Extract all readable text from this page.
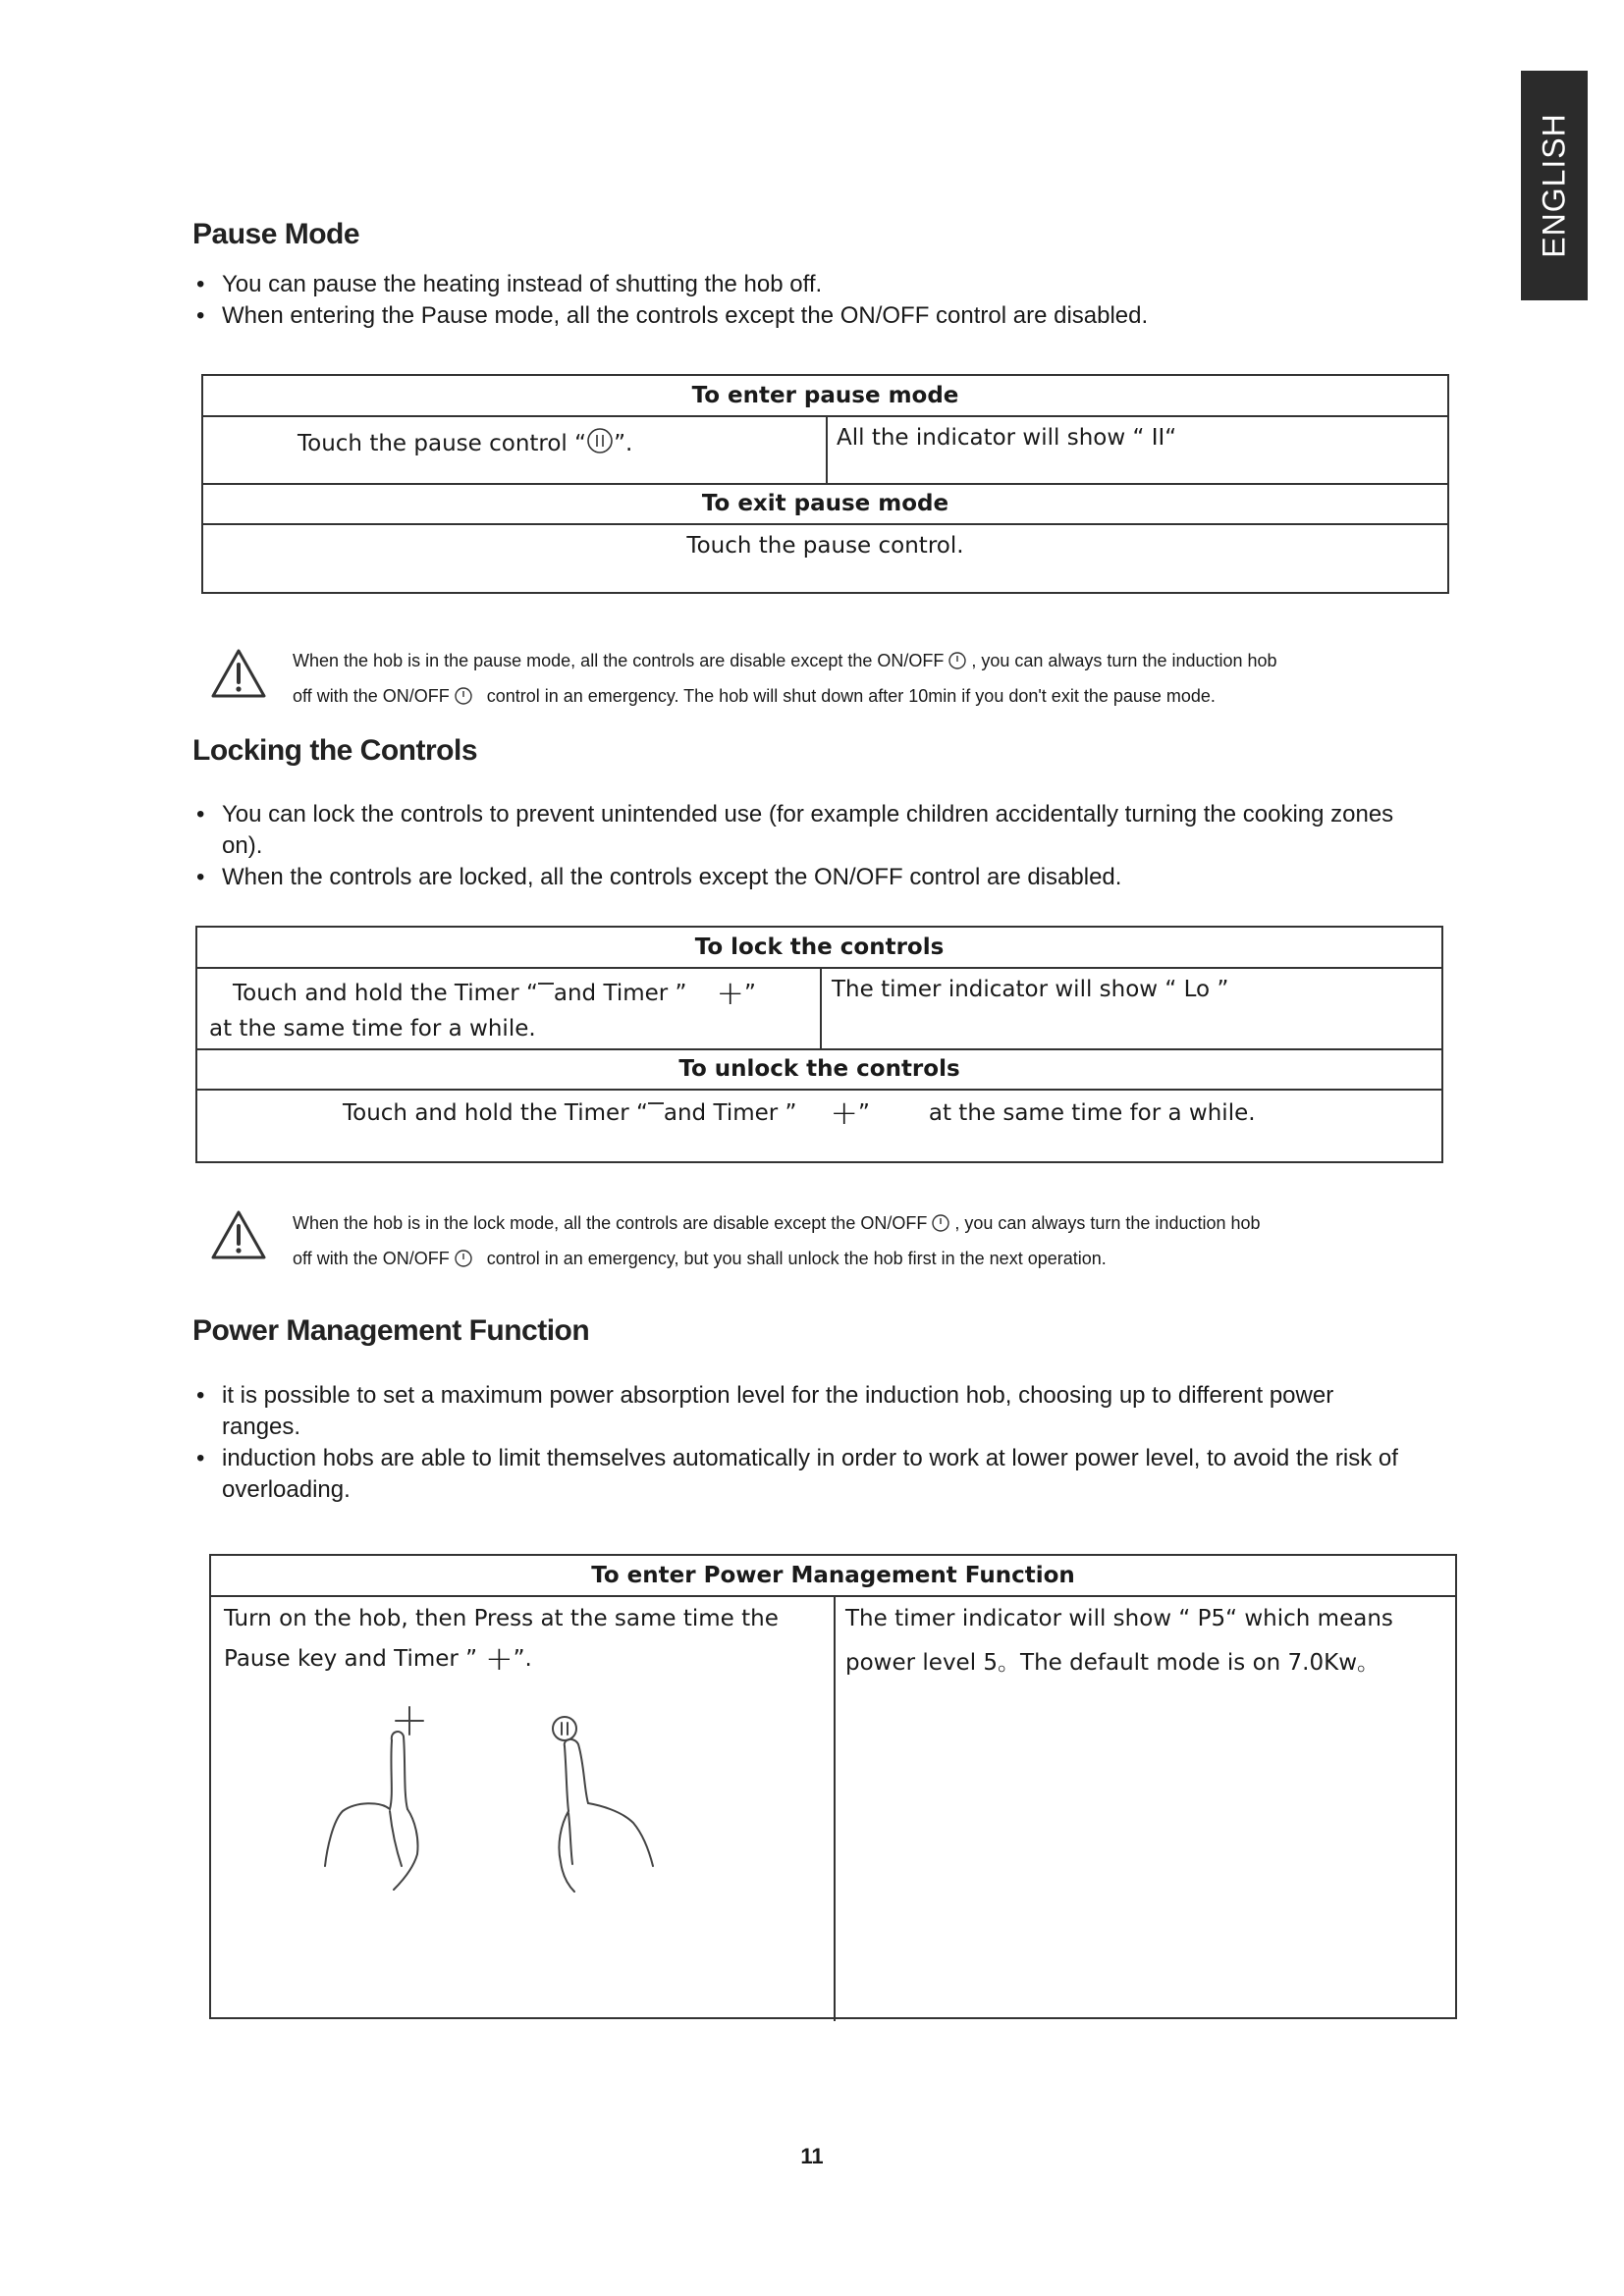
ENGLISH
Pause Mode
• You can pause the heating instead of shutting the hob off.
• When entering the Pause mode, all the controls except the ON/OFF control are disabled.
To enter pause mode
Touch the pause control “ ”.	All the indicator will show “ II“
To exit pause mode
Touch the pause control.
When the hob is in the pause mode, all the controls are disable except the ON/OFF , you can always turn the induction hob
off with the ON/OFF control in an emergency. The hob will shut down after 10min if you don't exit the pause mode.
Locking the Controls
• You can lock the controls to prevent unintended use (for example children accidentally turning the cooking zones on).
• When the controls are locked, all the controls except the ON/OFF control are disabled.
To lock the controls
Touch and hold the Timer “ and Timer ” +”
at the same time for a while.
The timer indicator will show “ Lo ”
To unlock the controls
Touch and hold the Timer “ and Timer ” +”	at the same time for a while.
When the hob is in the lock mode, all the controls are disable except the ON/OFF , you can always turn the induction hob
off with the ON/OFF control in an emergency, but you shall unlock the hob first in the next operation.
Power Management Function
• it is possible to set a maximum power absorption level for the induction hob, choosing up to different power ranges.
• induction hobs are able to limit themselves automatically in order to work at lower power level, to avoid the risk of overloading.
To enter Power Management Function
Turn on the hob, then Press at the same time the
Pause key and Timer ” +”.
The timer indicator will show “ P5“ which means
power level 5。The default mode is on 7.0Kw。
11
